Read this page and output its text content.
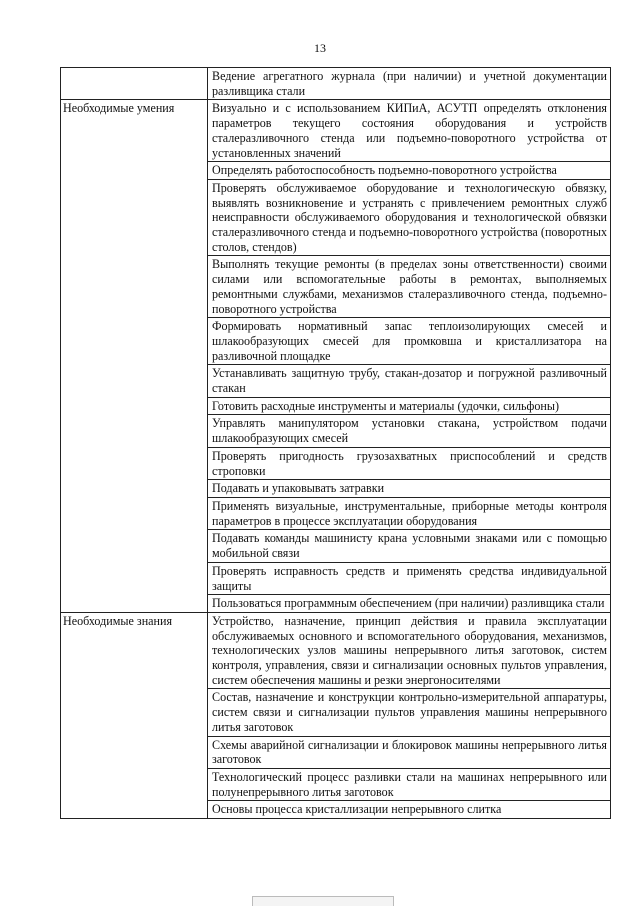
13
	Ведение агрегатного журнала (при наличии) и учетной документации разливщика стали
Необходимые умения	Визуально и с использованием КИПиА, АСУТП определять отклонения параметров текущего состояния оборудования и устройств сталеразливочного стенда или подъемно-поворотного устройства от установленных значений
	Определять работоспособность подъемно-поворотного устройства
	Проверять обслуживаемое оборудование и технологическую обвязку, выявлять возникновение и устранять с привлечением ремонтных служб неисправности обслуживаемого оборудования и технологической обвязки сталеразливочного стенда и подъемно-поворотного устройства (поворотных столов, стендов)
	Выполнять текущие ремонты (в пределах зоны ответственности) своими силами или вспомогательные работы в ремонтах, выполняемых ремонтными службами, механизмов сталеразливочного стенда, подъемно-поворотного устройства
	Формировать нормативный запас теплоизолирующих смесей и шлакообразующих смесей для промковша и кристаллизатора на разливочной площадке
	Устанавливать защитную трубу, стакан-дозатор и погружной разливочный стакан
	Готовить расходные инструменты и материалы (удочки, сильфоны)
	Управлять манипулятором установки стакана, устройством подачи шлакообразующих смесей
	Проверять пригодность грузозахватных приспособлений и средств строповки
	Подавать и упаковывать затравки
	Применять визуальные, инструментальные, приборные методы контроля параметров в процессе эксплуатации оборудования
	Подавать команды машинисту крана условными знаками или с помощью мобильной связи
	Проверять исправность средств и применять средства индивидуальной защиты
	Пользоваться программным обеспечением (при наличии) разливщика стали
Необходимые знания	Устройство, назначение, принцип действия и правила эксплуатации обслуживаемых основного и вспомогательного оборудования, механизмов, технологических узлов машины непрерывного литья заготовок, систем контроля, управления, связи и сигнализации основных пультов управления, систем обеспечения машины и резки энергоносителями
	Состав, назначение и конструкции контрольно-измерительной аппаратуры, систем связи и сигнализации пультов управления машины непрерывного литья заготовок
	Схемы аварийной сигнализации и блокировок машины непрерывного литья заготовок
	Технологический процесс разливки стали на машинах непрерывного или полунепрерывного литья заготовок
	Основы процесса кристаллизации непрерывного слитка
